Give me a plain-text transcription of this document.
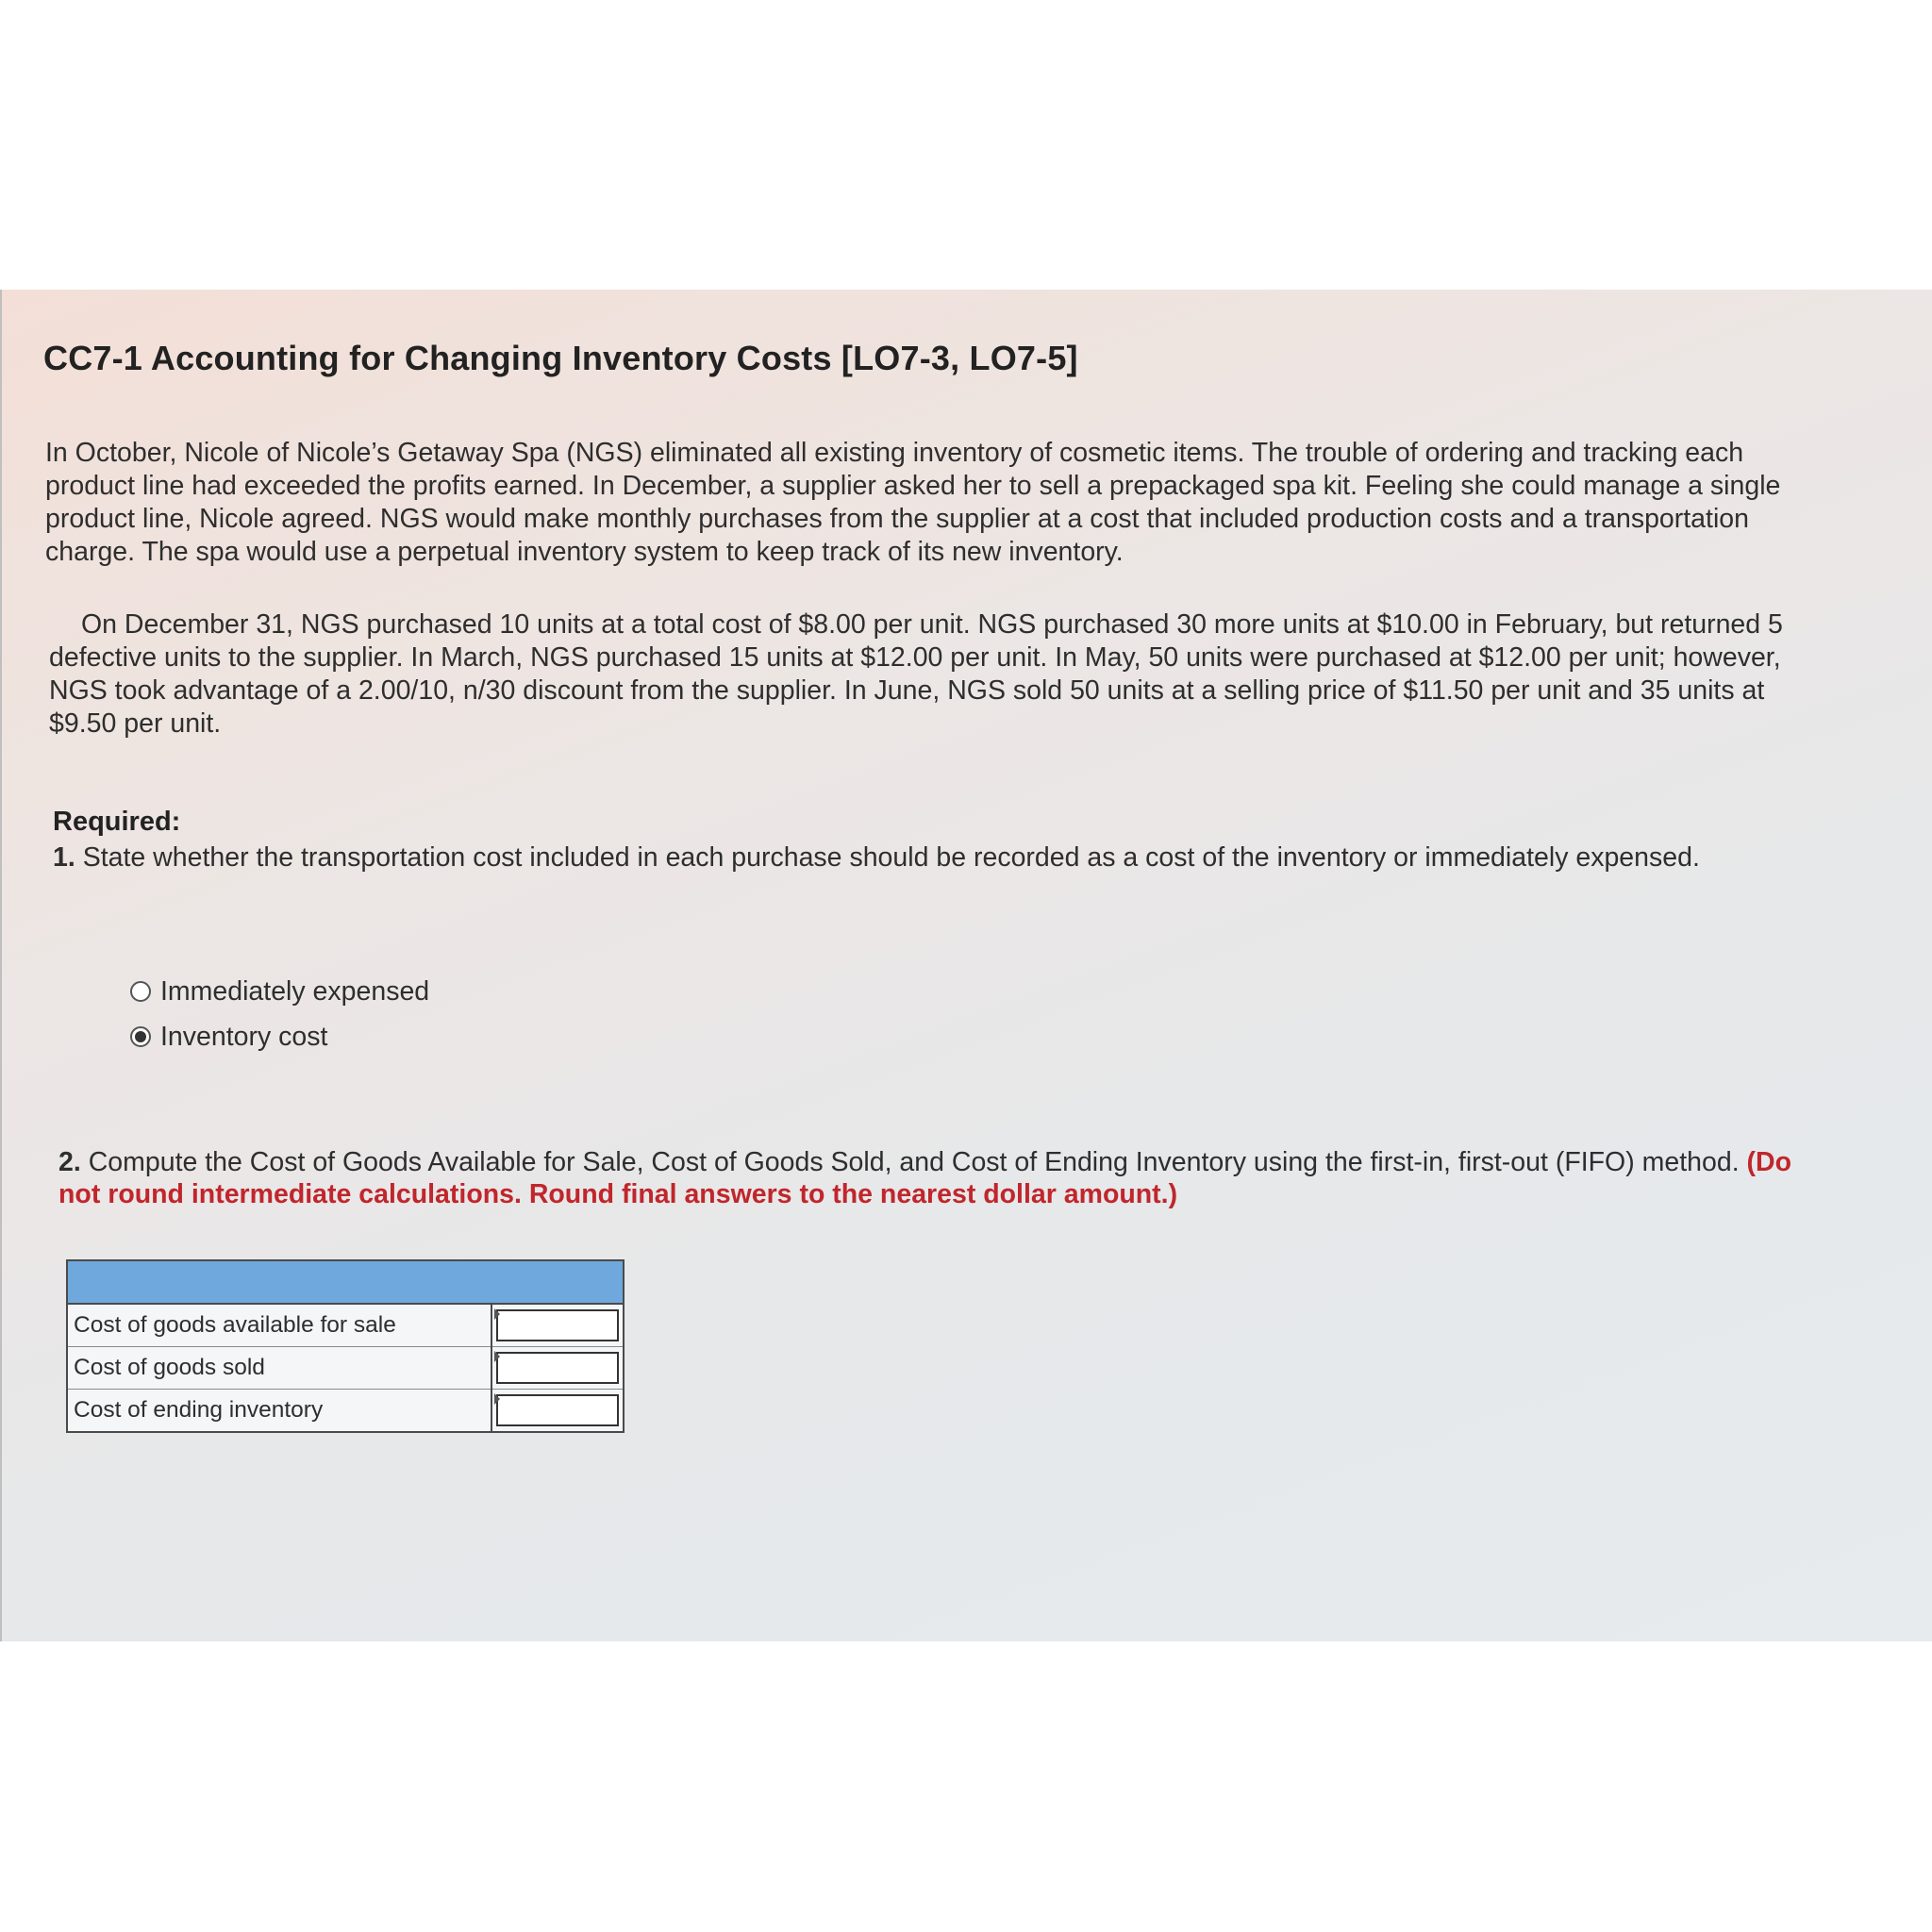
CC7-1 Accounting for Changing Inventory Costs [LO7-3, LO7-5]
In October, Nicole of Nicole’s Getaway Spa (NGS) eliminated all existing inventory of cosmetic items. The trouble of ordering and tracking each product line had exceeded the profits earned. In December, a supplier asked her to sell a prepackaged spa kit. Feeling she could manage a single product line, Nicole agreed. NGS would make monthly purchases from the supplier at a cost that included production costs and a transportation charge. The spa would use a perpetual inventory system to keep track of its new inventory.
On December 31, NGS purchased 10 units at a total cost of $8.00 per unit. NGS purchased 30 more units at $10.00 in February, but returned 5 defective units to the supplier. In March, NGS purchased 15 units at $12.00 per unit. In May, 50 units were purchased at $12.00 per unit; however, NGS took advantage of a 2.00/10, n/30 discount from the supplier. In June, NGS sold 50 units at a selling price of $11.50 per unit and 35 units at $9.50 per unit.
Required:
1. State whether the transportation cost included in each purchase should be recorded as a cost of the inventory or immediately expensed.
Immediately expensed
Inventory cost
2. Compute the Cost of Goods Available for Sale, Cost of Goods Sold, and Cost of Ending Inventory using the first-in, first-out (FIFO) method. (Do not round intermediate calculations. Round final answers to the nearest dollar amount.)

Cost of goods available for sale	
Cost of goods sold	
Cost of ending inventory	
